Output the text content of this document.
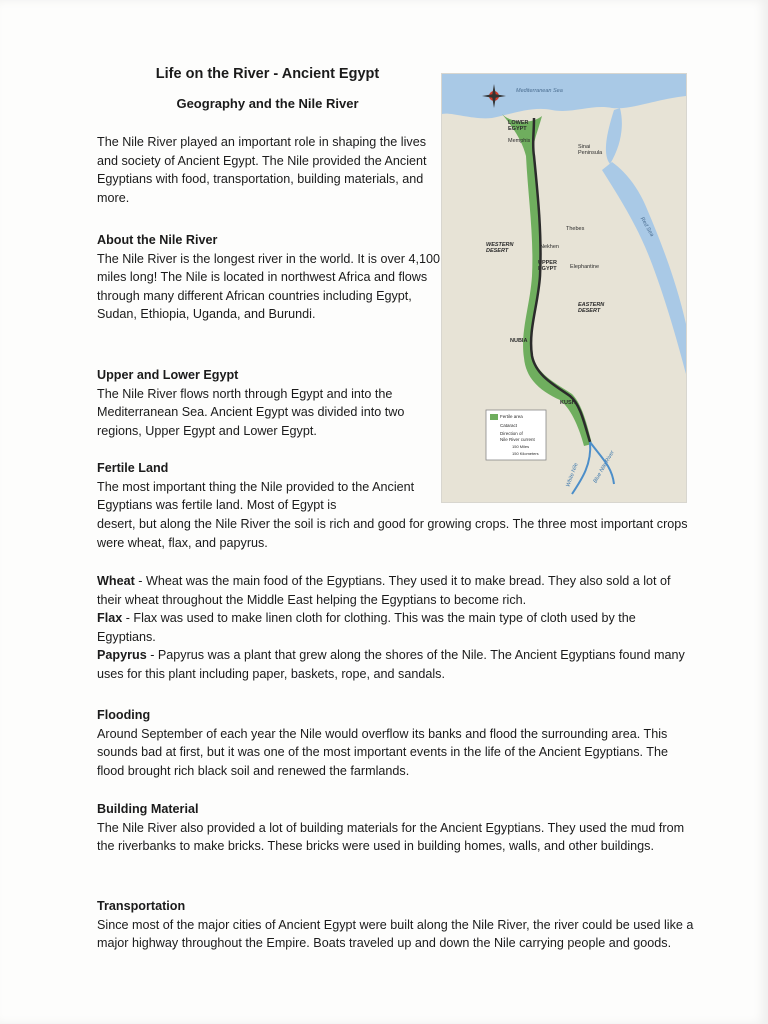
Life on the River - Ancient Egypt
Geography and the Nile River
The Nile River played an important role in shaping the lives and society of Ancient Egypt. The Nile provided the Ancient Egyptians with food, transportation, building materials, and more.
About the Nile River
The Nile River is the longest river in the world. It is over 4,100 miles long! The Nile is located in northwest Africa and flows through many different African countries including Egypt, Sudan, Ethiopia, Uganda, and Burundi.
Upper and Lower Egypt
The Nile River flows north through Egypt and into the Mediterranean Sea. Ancient Egypt was divided into two regions, Upper Egypt and Lower Egypt.
Fertile Land
The most important thing the Nile provided to the Ancient Egyptians was fertile land. Most of Egypt is
desert, but along the Nile River the soil is rich and good for growing crops. The three most important crops were wheat, flax, and papyrus.
Wheat - Wheat was the main food of the Egyptians. They used it to make bread. They also sold a lot of their wheat throughout the Middle East helping the Egyptians to become rich.
Flax - Flax was used to make linen cloth for clothing. This was the main type of cloth used by the Egyptians.
Papyrus - Papyrus was a plant that grew along the shores of the Nile. The Ancient Egyptians found many uses for this plant including paper, baskets, rope, and sandals.
Flooding
Around September of each year the Nile would overflow its banks and flood the surrounding area. This sounds bad at first, but it was one of the most important events in the life of the Ancient Egyptians. The flood brought rich black soil and renewed the farmlands.
Building Material
The Nile River also provided a lot of building materials for the Ancient Egyptians. They used the mud from the riverbanks to make bricks. These bricks were used in building homes, walls, and other buildings.
Transportation
Since most of the major cities of Ancient Egypt were built along the Nile River, the river could be used like a major highway throughout the Empire. Boats traveled up and down the Nile carrying people and goods.
Mediterranean Sea
LOWER
EGYPT
Memphis
Sinai
Peninsula
WESTERN
DESERT
Thebes
Nekhen
UPPER
EGYPT Elephantine
EASTERN
DESERT
Red Sea
NUBIA
KUSH
White Nile Blue Nile River
Fertile area
Cataract
Direction of
Nile River current
150 Miles
150 Kilometers
